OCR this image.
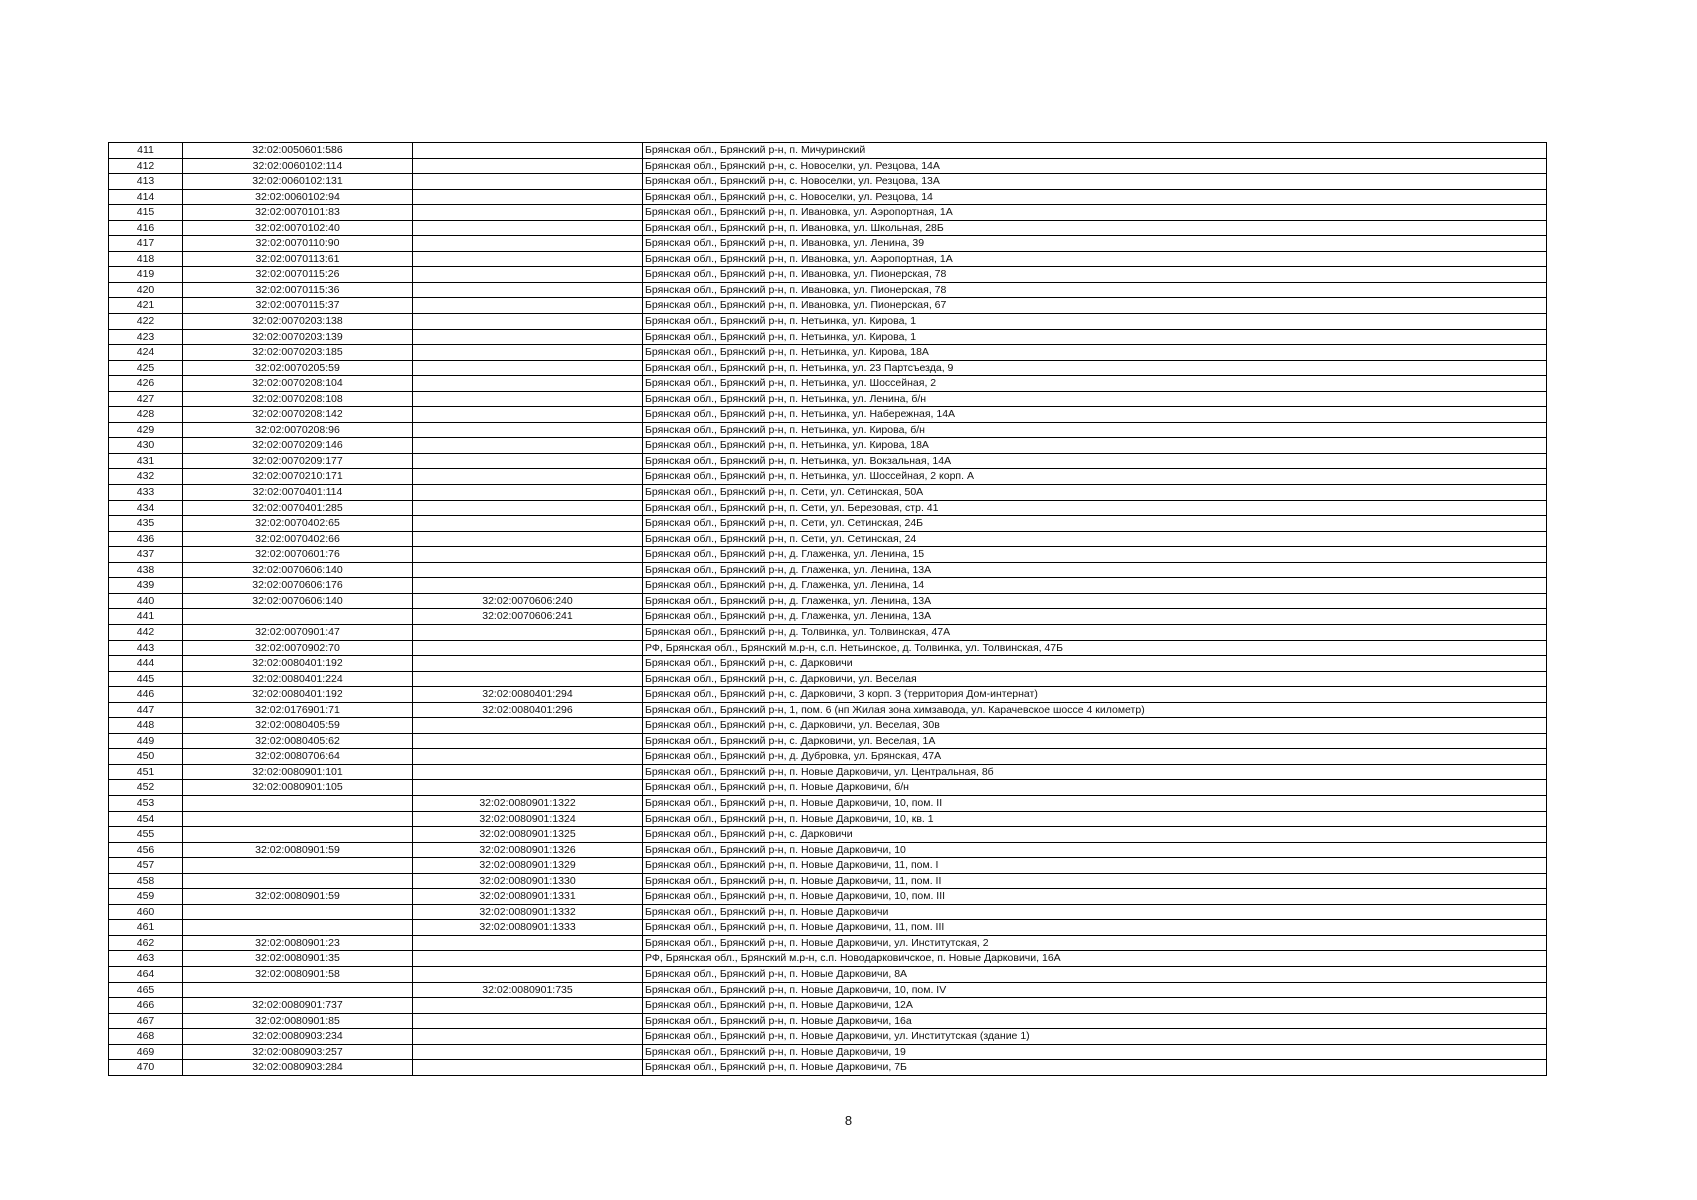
411	32:02:0050601:586		Брянская обл., Брянский р-н, п. Мичуринский
412	32:02:0060102:114		Брянская обл., Брянский р-н, с. Новоселки, ул. Резцова, 14А
413	32:02:0060102:131		Брянская обл., Брянский р-н, с. Новоселки, ул. Резцова, 13А
414	32:02:0060102:94		Брянская обл., Брянский р-н, с. Новоселки, ул. Резцова, 14
415	32:02:0070101:83		Брянская обл., Брянский р-н, п. Ивановка, ул. Аэропортная, 1А
416	32:02:0070102:40		Брянская обл., Брянский р-н, п. Ивановка, ул. Школьная, 28Б
417	32:02:0070110:90		Брянская обл., Брянский р-н, п. Ивановка, ул. Ленина, 39
418	32:02:0070113:61		Брянская обл., Брянский р-н, п. Ивановка, ул. Аэропортная, 1А
419	32:02:0070115:26		Брянская обл., Брянский р-н, п. Ивановка, ул. Пионерская, 78
420	32:02:0070115:36		Брянская обл., Брянский р-н, п. Ивановка, ул. Пионерская, 78
421	32:02:0070115:37		Брянская обл., Брянский р-н, п. Ивановка, ул. Пионерская, 67
422	32:02:0070203:138		Брянская обл., Брянский р-н, п. Нетьинка, ул. Кирова, 1
423	32:02:0070203:139		Брянская обл., Брянский р-н, п. Нетьинка, ул. Кирова, 1
424	32:02:0070203:185		Брянская обл., Брянский р-н, п. Нетьинка, ул. Кирова, 18А
425	32:02:0070205:59		Брянская обл., Брянский р-н, п. Нетьинка, ул. 23 Партсъезда, 9
426	32:02:0070208:104		Брянская обл., Брянский р-н, п. Нетьинка, ул. Шоссейная, 2
427	32:02:0070208:108		Брянская обл., Брянский р-н, п. Нетьинка, ул. Ленина, б/н
428	32:02:0070208:142		Брянская обл., Брянский р-н, п. Нетьинка, ул. Набережная, 14А
429	32:02:0070208:96		Брянская обл., Брянский р-н, п. Нетьинка, ул. Кирова, б/н
430	32:02:0070209:146		Брянская обл., Брянский р-н, п. Нетьинка, ул. Кирова, 18А
431	32:02:0070209:177		Брянская обл., Брянский р-н, п. Нетьинка, ул. Вокзальная, 14А
432	32:02:0070210:171		Брянская обл., Брянский р-н, п. Нетьинка, ул. Шоссейная, 2 корп. А
433	32:02:0070401:114		Брянская обл., Брянский р-н, п. Сети, ул. Сетинская, 50А
434	32:02:0070401:285		Брянская обл., Брянский р-н, п. Сети, ул. Березовая, стр. 41
435	32:02:0070402:65		Брянская обл., Брянский р-н, п. Сети, ул. Сетинская, 24Б
436	32:02:0070402:66		Брянская обл., Брянский р-н, п. Сети, ул. Сетинская, 24
437	32:02:0070601:76		Брянская обл., Брянский р-н, д. Глаженка, ул. Ленина, 15
438	32:02:0070606:140		Брянская обл., Брянский р-н, д. Глаженка, ул. Ленина, 13А
439	32:02:0070606:176		Брянская обл., Брянский р-н, д. Глаженка, ул. Ленина, 14
440	32:02:0070606:140	32:02:0070606:240	Брянская обл., Брянский р-н, д. Глаженка, ул. Ленина, 13А
441		32:02:0070606:241	Брянская обл., Брянский р-н, д. Глаженка, ул. Ленина, 13А
442	32:02:0070901:47		Брянская обл., Брянский р-н, д. Толвинка, ул. Толвинская, 47А
443	32:02:0070902:70		РФ, Брянская обл., Брянский м.р-н, с.п. Нетьинское, д. Толвинка, ул. Толвинская, 47Б
444	32:02:0080401:192		Брянская обл., Брянский р-н, с. Дарковичи
445	32:02:0080401:224		Брянская обл., Брянский р-н, с. Дарковичи, ул. Веселая
446	32:02:0080401:192	32:02:0080401:294	Брянская обл., Брянский р-н, с. Дарковичи, 3 корп. 3 (территория Дом-интернат)
447	32:02:0176901:71	32:02:0080401:296	Брянская обл., Брянский р-н, 1, пом. 6 (нп Жилая зона химзавода, ул. Карачевское шоссе 4 километр)
448	32:02:0080405:59		Брянская обл., Брянский р-н, с. Дарковичи, ул. Веселая, 30в
449	32:02:0080405:62		Брянская обл., Брянский р-н, с. Дарковичи, ул. Веселая, 1А
450	32:02:0080706:64		Брянская обл., Брянский р-н, д. Дубровка, ул. Брянская, 47А
451	32:02:0080901:101		Брянская обл., Брянский р-н, п. Новые Дарковичи, ул. Центральная, 8б
452	32:02:0080901:105		Брянская обл., Брянский р-н, п. Новые Дарковичи, б/н
453		32:02:0080901:1322	Брянская обл., Брянский р-н, п. Новые Дарковичи, 10, пом. II
454		32:02:0080901:1324	Брянская обл., Брянский р-н, п. Новые Дарковичи, 10, кв. 1
455		32:02:0080901:1325	Брянская обл., Брянский р-н, с. Дарковичи
456	32:02:0080901:59	32:02:0080901:1326	Брянская обл., Брянский р-н, п. Новые Дарковичи, 10
457		32:02:0080901:1329	Брянская обл., Брянский р-н, п. Новые Дарковичи, 11, пом. I
458		32:02:0080901:1330	Брянская обл., Брянский р-н, п. Новые Дарковичи, 11, пом. II
459	32:02:0080901:59	32:02:0080901:1331	Брянская обл., Брянский р-н, п. Новые Дарковичи, 10, пом. III
460		32:02:0080901:1332	Брянская обл., Брянский р-н, п. Новые Дарковичи
461		32:02:0080901:1333	Брянская обл., Брянский р-н, п. Новые Дарковичи, 11, пом. III
462	32:02:0080901:23		Брянская обл., Брянский р-н, п. Новые Дарковичи, ул. Институтская, 2
463	32:02:0080901:35		РФ, Брянская обл., Брянский м.р-н, с.п. Новодарковичское, п. Новые Дарковичи, 16А
464	32:02:0080901:58		Брянская обл., Брянский р-н, п. Новые Дарковичи, 8А
465		32:02:0080901:735	Брянская обл., Брянский р-н, п. Новые Дарковичи, 10, пом. IV
466	32:02:0080901:737		Брянская обл., Брянский р-н, п. Новые Дарковичи, 12А
467	32:02:0080901:85		Брянская обл., Брянский р-н, п. Новые Дарковичи, 16а
468	32:02:0080903:234		Брянская обл., Брянский р-н, п. Новые Дарковичи, ул. Институтская (здание 1)
469	32:02:0080903:257		Брянская обл., Брянский р-н, п. Новые Дарковичи, 19
470	32:02:0080903:284		Брянская обл., Брянский р-н, п. Новые Дарковичи, 7Б
8
